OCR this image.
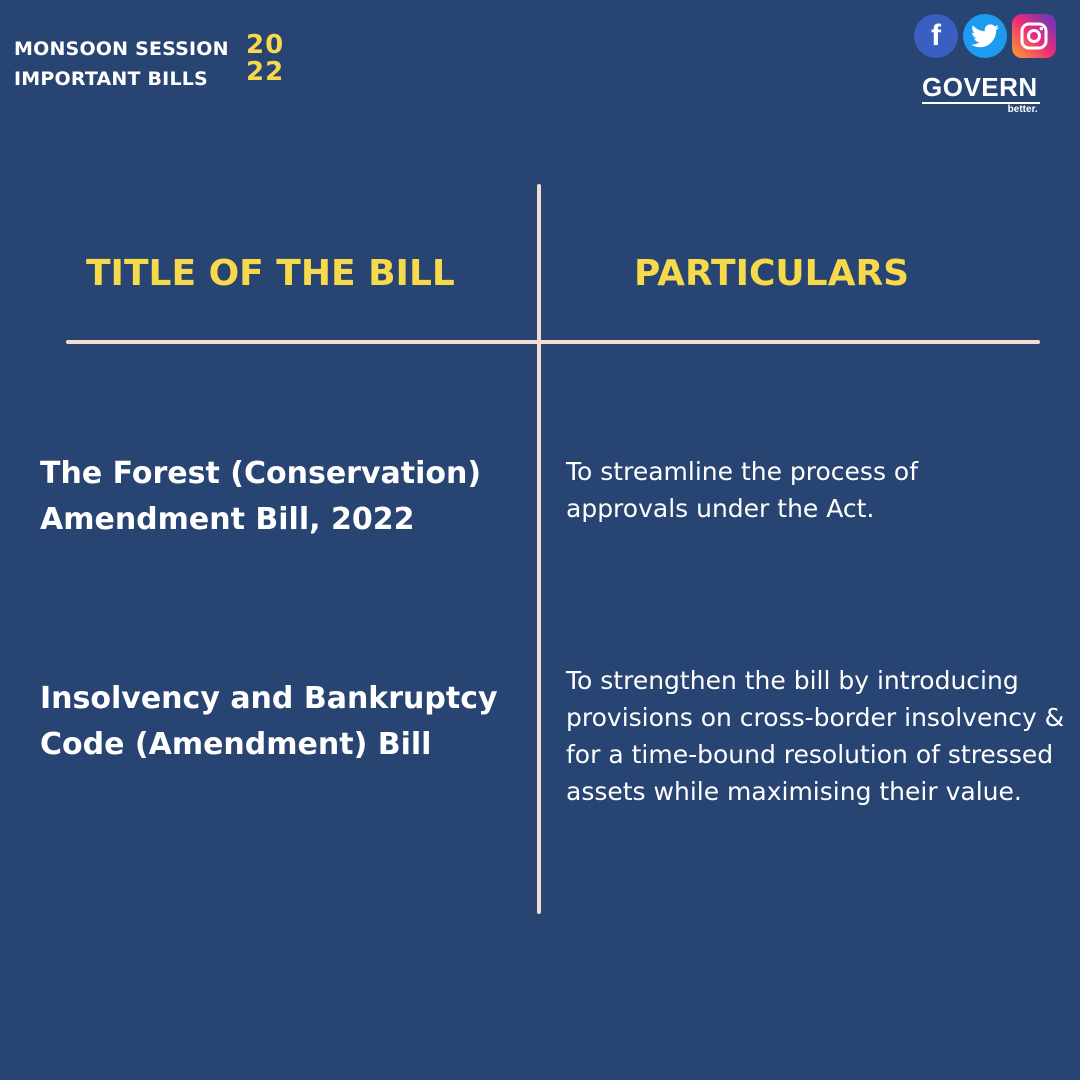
MONSOON SESSION
IMPORTANT BILLS
20
22
f
GOVERN
better.
TITLE OF THE BILL	PARTICULARS
The Forest (Conservation) Amendment Bill, 2022
To streamline the process of approvals under the Act.
Insolvency and Bankruptcy Code (Amendment) Bill
To strengthen the bill by introducing provisions on cross-border insolvency & for a time-bound resolution of stressed assets while maximising their value.
